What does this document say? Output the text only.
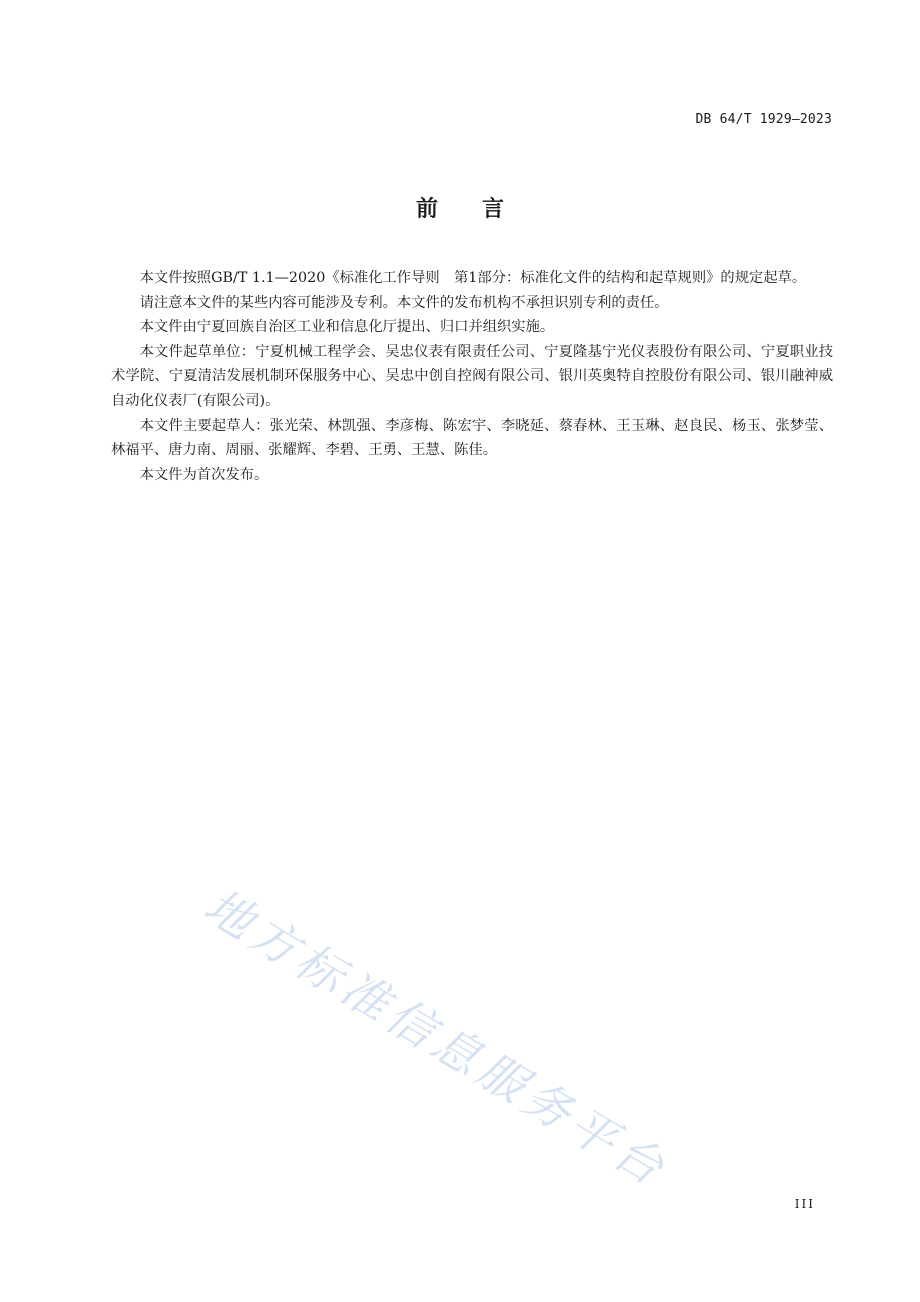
DB 64/T 1929—2023
前言

本文件按照GB/T 1.1—2020《标准化工作导则　第1部分：标准化文件的结构和起草规则》的规定起草。

请注意本文件的某些内容可能涉及专利。本文件的发布机构不承担识别专利的责任。

本文件由宁夏回族自治区工业和信息化厅提出、归口并组织实施。

本文件起草单位：宁夏机械工程学会、吴忠仪表有限责任公司、宁夏隆基宁光仪表股份有限公司、宁夏职业技术学院、宁夏清洁发展机制环保服务中心、吴忠中创自控阀有限公司、银川英奥特自控股份有限公司、银川融神威自动化仪表厂(有限公司)。

本文件主要起草人：张光荣、林凯强、李彦梅、陈宏宇、李晓延、蔡春林、王玉琳、赵良民、杨玉、张梦莹、林福平、唐力南、周丽、张耀辉、李碧、王勇、王慧、陈佳。

本文件为首次发布。

地方标准信息服务平台
III
